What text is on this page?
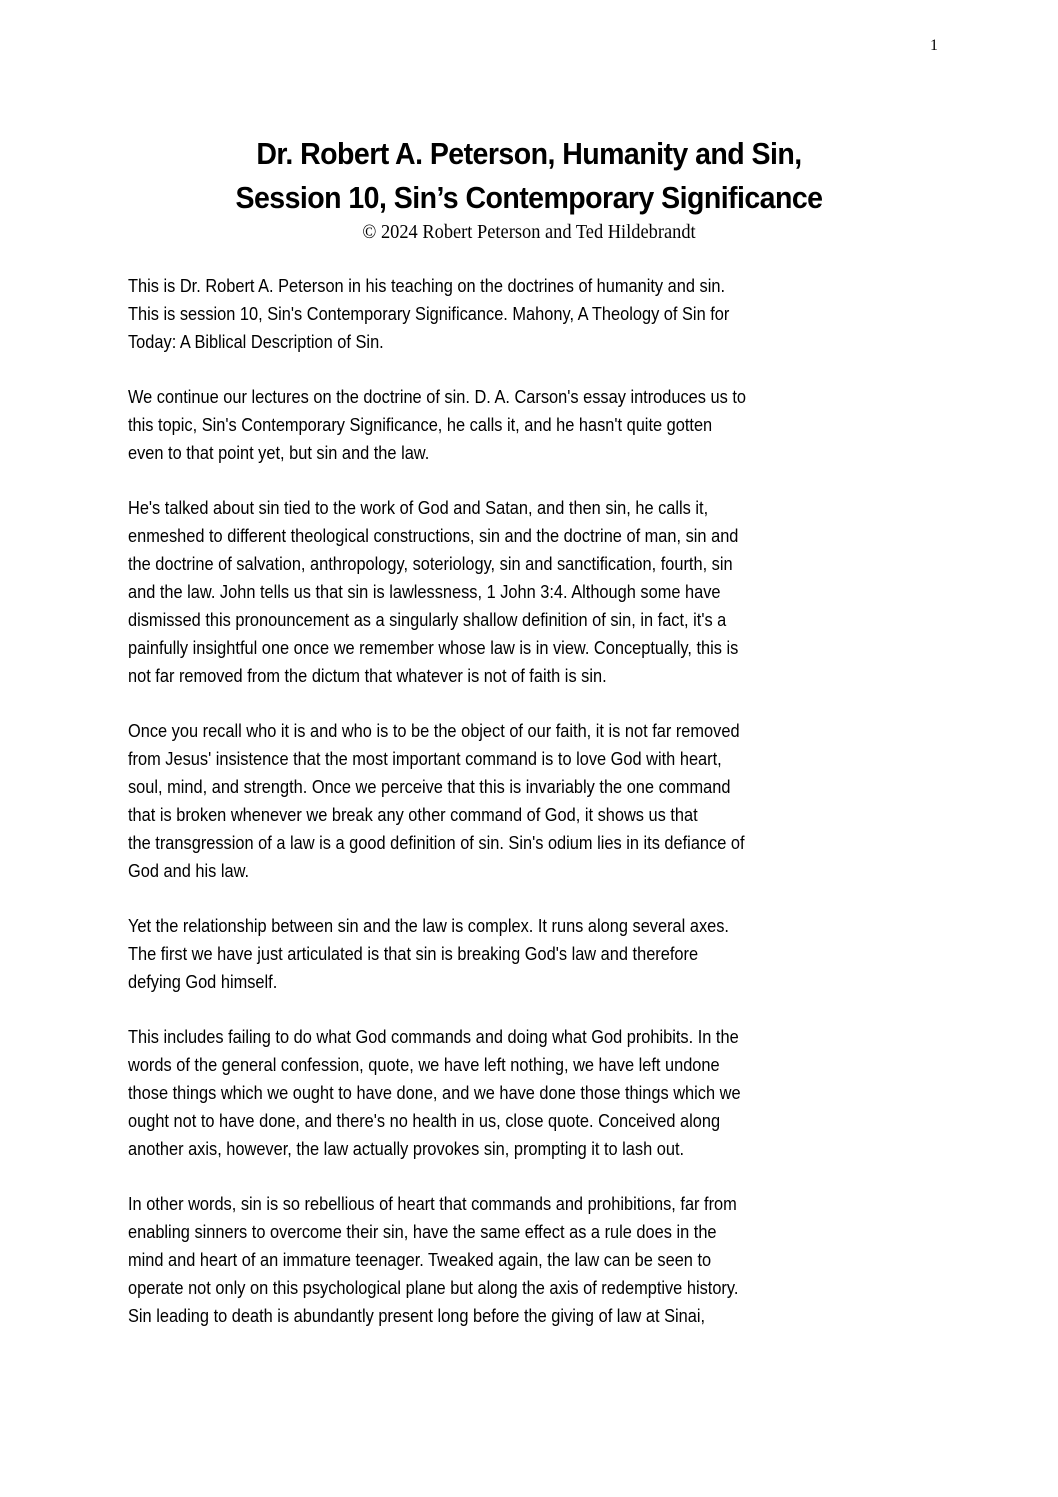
1
Dr. Robert A. Peterson, Humanity and Sin,
Session 10, Sin’s Contemporary Significance
© 2024 Robert Peterson and Ted Hildebrandt

This is Dr. Robert A. Peterson in his teaching on the doctrines of humanity and sin.
This is session 10, Sin's Contemporary Significance. Mahony, A Theology of Sin for
Today: A Biblical Description of Sin.

We continue our lectures on the doctrine of sin. D. A. Carson's essay introduces us to
this topic, Sin's Contemporary Significance, he calls it, and he hasn't quite gotten
even to that point yet, but sin and the law.

He's talked about sin tied to the work of God and Satan, and then sin, he calls it,
enmeshed to different theological constructions, sin and the doctrine of man, sin and
the doctrine of salvation, anthropology, soteriology, sin and sanctification, fourth, sin
and the law. John tells us that sin is lawlessness, 1 John 3:4. Although some have
dismissed this pronouncement as a singularly shallow definition of sin, in fact, it's a
painfully insightful one once we remember whose law is in view. Conceptually, this is
not far removed from the dictum that whatever is not of faith is sin.

Once you recall who it is and who is to be the object of our faith, it is not far removed
from Jesus' insistence that the most important command is to love God with heart,
soul, mind, and strength. Once we perceive that this is invariably the one command
that is broken whenever we break any other command of God, it shows us that
the transgression of a law is a good definition of sin. Sin's odium lies in its defiance of
God and his law.

Yet the relationship between sin and the law is complex. It runs along several axes.
The first we have just articulated is that sin is breaking God's law and therefore
defying God himself.

This includes failing to do what God commands and doing what God prohibits. In the
words of the general confession, quote, we have left nothing, we have left undone
those things which we ought to have done, and we have done those things which we
ought not to have done, and there's no health in us, close quote. Conceived along
another axis, however, the law actually provokes sin, prompting it to lash out.

In other words, sin is so rebellious of heart that commands and prohibitions, far from
enabling sinners to overcome their sin, have the same effect as a rule does in the
mind and heart of an immature teenager. Tweaked again, the law can be seen to
operate not only on this psychological plane but along the axis of redemptive history.
Sin leading to death is abundantly present long before the giving of law at Sinai,
